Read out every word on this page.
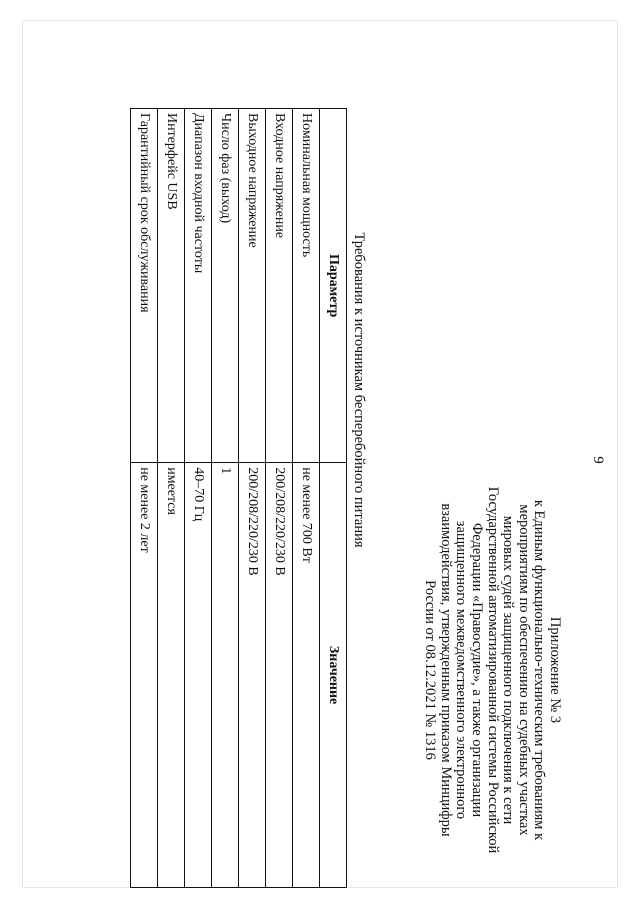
9
Приложение № 3
к Единым функционально-техническим требованиям к
мероприятиям по обеспечению на судебных участках
мировых судей защищенного подключения к сети
Государственной автоматизированной системы Российской
Федерации «Правосудие», а также организации
защищенного межведомственного электронного
взаимодействия, утвержденным приказом Минцифры
России от 08.12.2021 № 1316
Требования к источникам бесперебойного питания
Параметр	Значение
Номинальная мощность	не менее 700 Вт
Входное напряжение	200/208/220/230 В
Выходное напряжение	200/208/220/230 В
Число фаз (выход)	1
Диапазон входной частоты	40–70 Гц
Интерфейс USB	имеется
Гарантийный срок обслуживания	не менее 2 лет
